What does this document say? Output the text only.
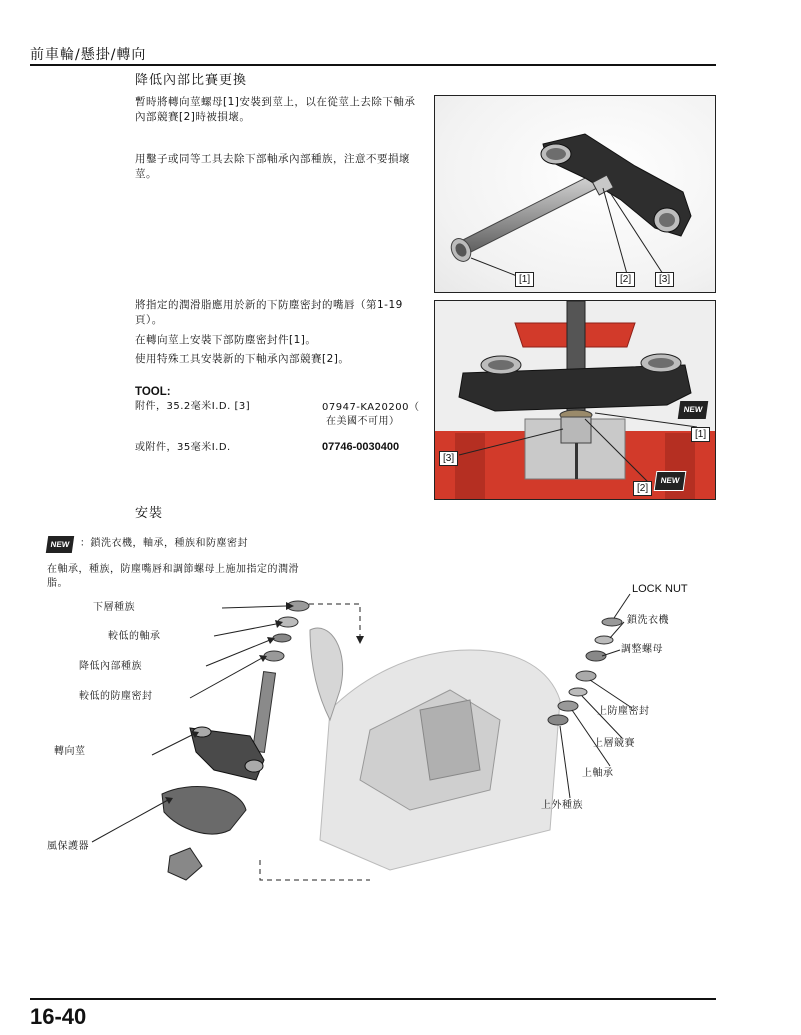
前車輪/懸掛/轉向
降低內部比賽更換
暫時將轉向莖螺母[1]安裝到莖上，以在從莖上去除下軸承內部競賽[2]時被損壞。
用鑿子或同等工具去除下部軸承內部種族，注意不要損壞莖。
將指定的潤滑脂應用於新的下防塵密封的嘴唇（第1-19頁）。
在轉向莖上安裝下部防塵密封件[1]。
使用特殊工具安裝新的下軸承內部競賽[2]。
TOOL:
附件，35.2毫米I.D. [3]	07947-KA20200（
在美國不可用）
或附件，35毫米I.D.	07746-0030400
[1]	[2]	[3]
NEW
NEW
[1]
[3]
[2]
安裝
NEW	：鎖洗衣機，軸承，種族和防塵密封
在軸承，種族，防塵嘴唇和調節螺母上施加指定的潤滑脂。
下層種族
較低的軸承
降低內部種族
較低的防塵密封
轉向莖
風保護器
LOCK NUT
鎖洗衣機
調整螺母
上防塵密封
上層競賽
上軸承
上外種族
16-40
